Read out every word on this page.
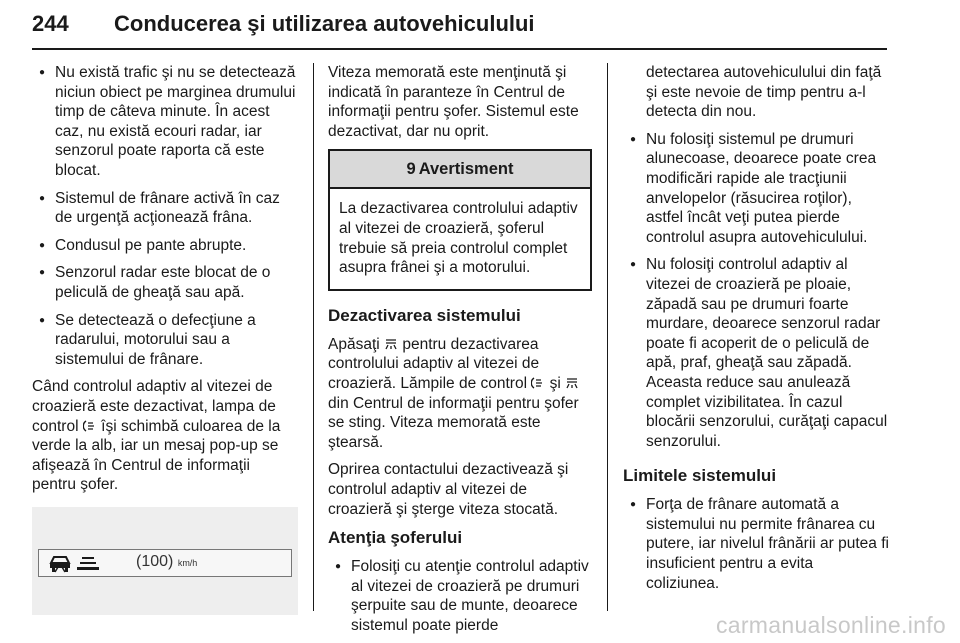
244 Conducerea şi utilizarea autovehiculului
● Nu există trafic şi nu se detectează niciun obiect pe marginea drumului timp de câteva minute. În acest caz, nu există ecouri radar, iar senzorul poate raporta că este blocat.
● Sistemul de frânare activă în caz de urgenţă acţionează frâna.
● Condusul pe pante abrupte.
● Senzorul radar este blocat de o peliculă de gheaţă sau apă.
● Se detectează o defecţiune a radarului, motorului sau a sistemului de frânare.

Când controlul adaptiv al vitezei de croazieră este dezactivat, lampa de control îşi schimbă culoarea de la verde la alb, iar un mesaj pop-up se afişează în Centrul de informaţii pentru şofer.

(100) km/h

Viteza memorată este menţinută şi indicată în paranteze în Centrul de informaţii pentru şofer. Sistemul este dezactivat, dar nu oprit.

9 Avertisment
La dezactivarea controlului adaptiv al vitezei de croazieră, şoferul trebuie să preia controlul complet asupra frânei şi a motorului.
Dezactivarea sistemului

Apăsaţi pentru dezactivarea controlului adaptiv al vitezei de croazieră. Lămpile de control şi  din Centrul de informaţii pentru şofer se sting. Viteza memorată este ştearsă.

Oprirea contactului dezactivează şi controlul adaptiv al vitezei de croazieră şi şterge viteza stocată.

Atenţia şoferului
● Folosiţi cu atenţie controlul adaptiv al vitezei de croazieră pe drumuri şerpuite sau de munte, deoarece sistemul poate pierde

detectarea autovehiculului din faţă şi este nevoie de timp pentru a-l detecta din nou.

● Nu folosiţi sistemul pe drumuri alunecoase, deoarece poate crea modificări rapide ale tracţiunii anvelopelor (răsucirea roţilor), astfel încât veţi putea pierde controlul asupra autovehiculului.
● Nu folosiţi controlul adaptiv al vitezei de croazieră pe ploaie, zăpadă sau pe drumuri foarte murdare, deoarece senzorul radar poate fi acoperit de o peliculă de apă, praf, gheaţă sau zăpadă. Aceasta reduce sau anulează complet vizibilitatea. În cazul blocării senzorului, curăţaţi capacul senzorului.
Limitele sistemului
● Forţa de frânare automată a sistemului nu permite frânarea cu putere, iar nivelul frânării ar putea fi insuficient pentru a evita coliziunea.
carmanualsonline.info
